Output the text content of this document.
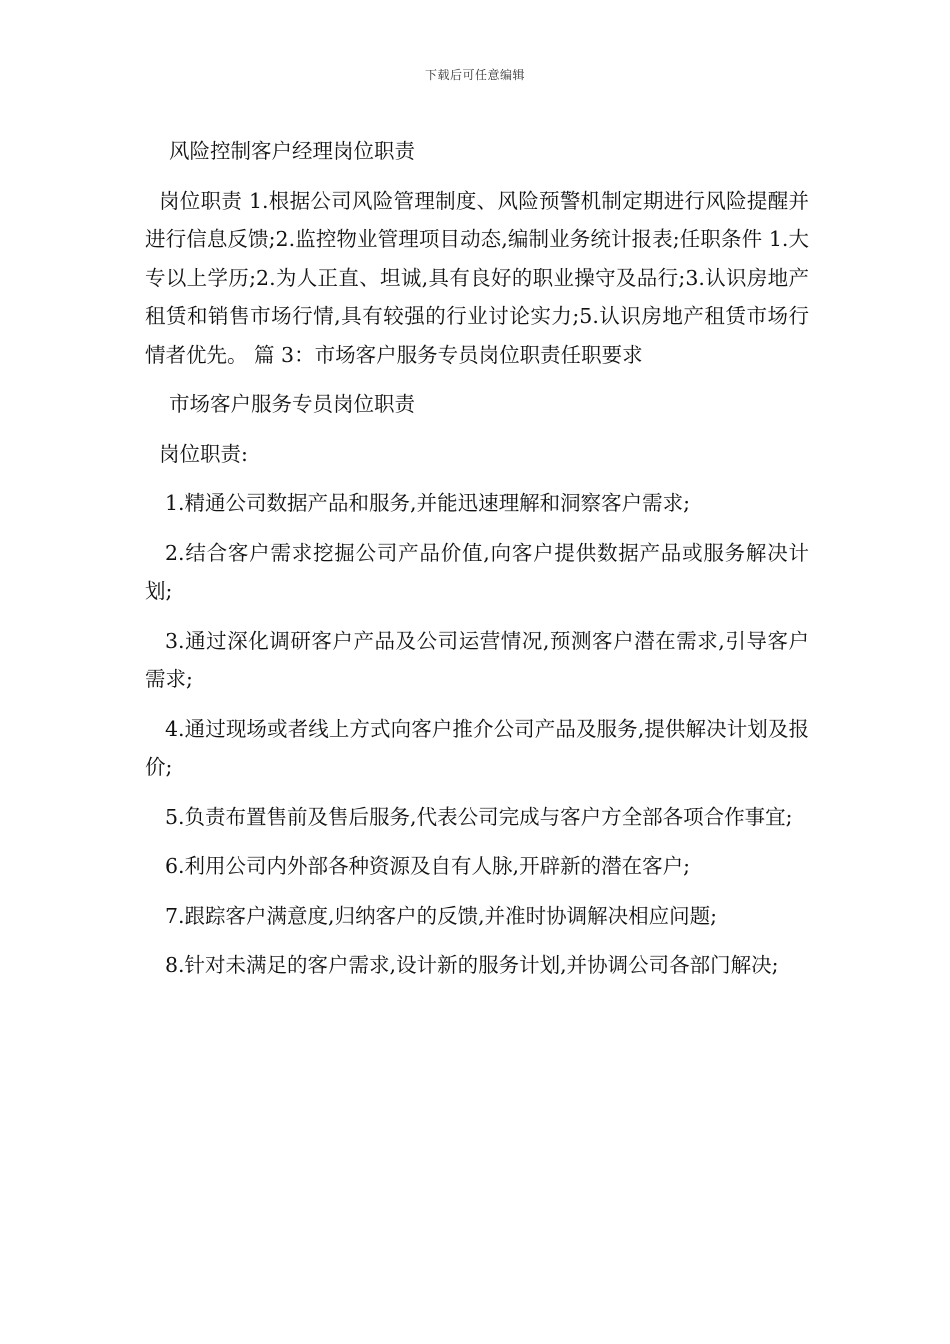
下载后可任意编辑

风险控制客户经理岗位职责

岗位职责 1.根据公司风险管理制度、风险预警机制定期进行风险提醒并进行信息反馈;2.监控物业管理项目动态,编制业务统计报表;任职条件 1.大专以上学历;2.为人正直、坦诚,具有良好的职业操守及品行;3.认识房地产租赁和销售市场行情,具有较强的行业讨论实力;5.认识房地产租赁市场行情者优先。 篇 3：市场客户服务专员岗位职责任职要求

市场客户服务专员岗位职责

岗位职责:

1.精通公司数据产品和服务,并能迅速理解和洞察客户需求;

2.结合客户需求挖掘公司产品价值,向客户提供数据产品或服务解决计划;

3.通过深化调研客户产品及公司运营情况,预测客户潜在需求,引导客户需求;

4.通过现场或者线上方式向客户推介公司产品及服务,提供解决计划及报价;

5.负责布置售前及售后服务,代表公司完成与客户方全部各项合作事宜;

6.利用公司内外部各种资源及自有人脉,开辟新的潜在客户;

7.跟踪客户满意度,归纳客户的反馈,并准时协调解决相应问题;

8.针对未满足的客户需求,设计新的服务计划,并协调公司各部门解决;
